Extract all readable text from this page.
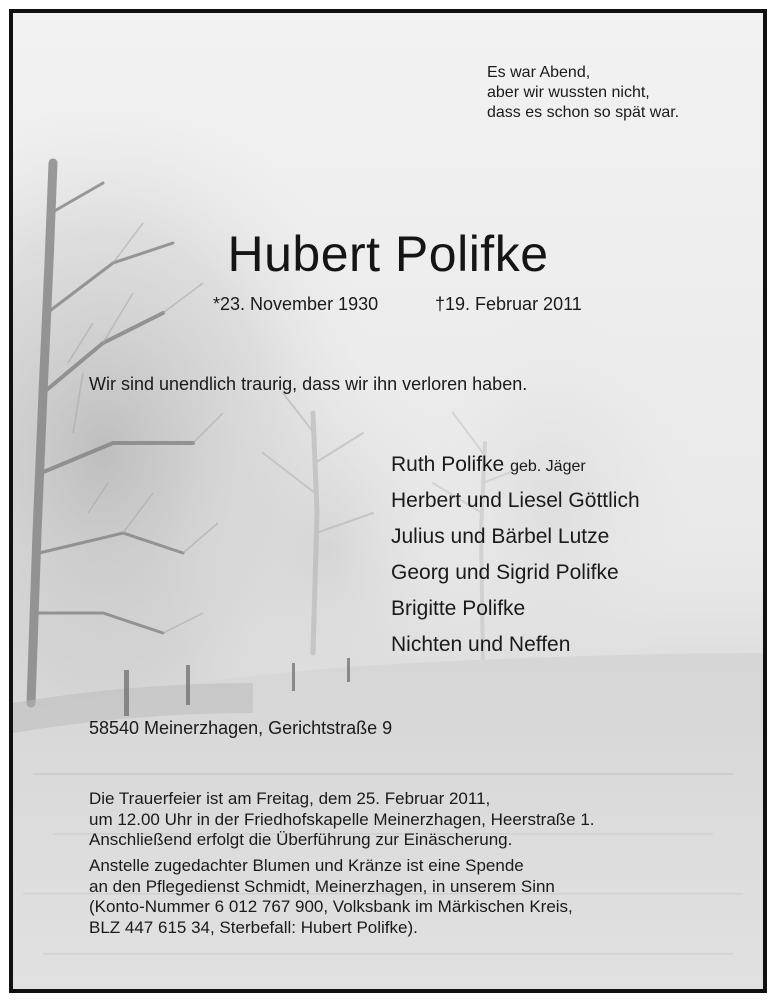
Es war Abend,
aber wir wussten nicht,
dass es schon so spät war.
Hubert Polifke
*23. November 1930	†19. Februar 2011
Wir sind unendlich traurig, dass wir ihn verloren haben.
Ruth Polifke geb. Jäger
Herbert und Liesel Göttlich
Julius und Bärbel Lutze
Georg und Sigrid Polifke
Brigitte Polifke
Nichten und Neffen
58540 Meinerzhagen, Gerichtstraße 9
Die Trauerfeier ist am Freitag, dem 25. Februar 2011,
um 12.00 Uhr in der Friedhofskapelle Meinerzhagen, Heerstraße 1.
Anschließend erfolgt die Überführung zur Einäscherung.
Anstelle zugedachter Blumen und Kränze ist eine Spende
an den Pflegedienst Schmidt, Meinerzhagen, in unserem Sinn
(Konto-Nummer 6 012 767 900, Volksbank im Märkischen Kreis,
BLZ 447 615 34, Sterbefall: Hubert Polifke).
